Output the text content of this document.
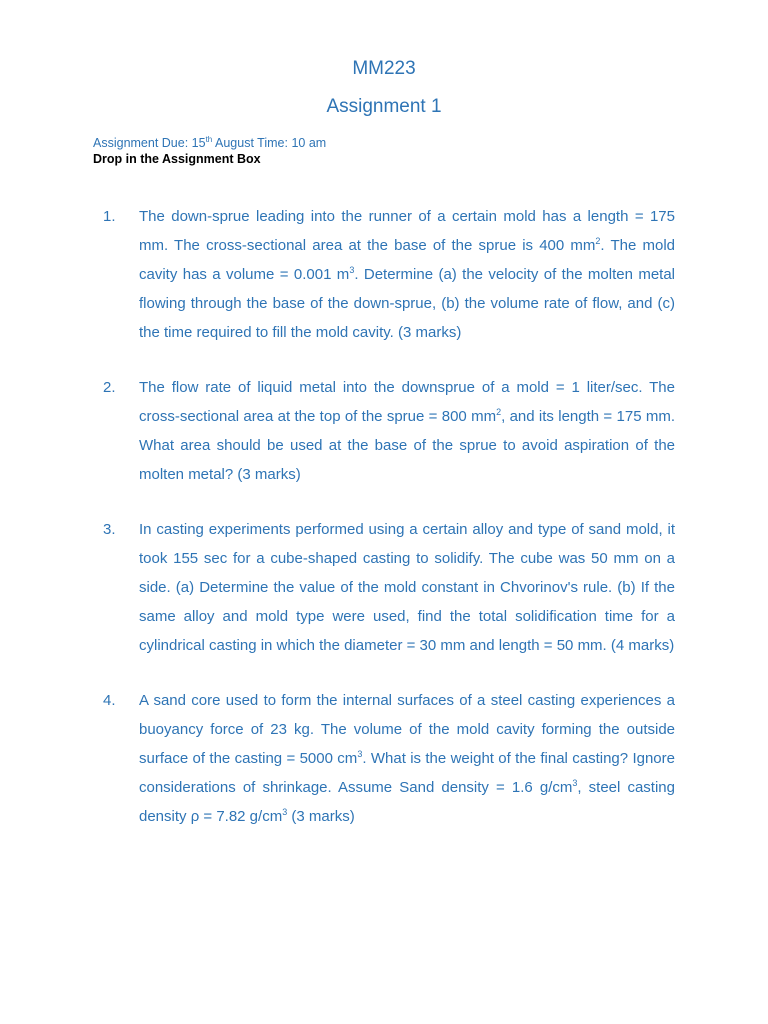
MM223
Assignment 1
Assignment Due: 15th August Time: 10 am
Drop in the Assignment Box
1. The down-sprue leading into the runner of a certain mold has a length = 175 mm. The cross-sectional area at the base of the sprue is 400 $mm^2$. The mold cavity has a volume = 0.001 $m^3$. Determine (a) the velocity of the molten metal flowing through the base of the down-sprue, (b) the volume rate of flow, and (c) the time required to fill the mold cavity. (3 marks)
2. The flow rate of liquid metal into the downsprue of a mold = 1 liter/sec. The cross-sectional area at the top of the sprue = 800 $mm^2$, and its length = 175 mm. What area should be used at the base of the sprue to avoid aspiration of the molten metal? (3 marks)
3. In casting experiments performed using a certain alloy and type of sand mold, it took 155 sec for a cube-shaped casting to solidify. The cube was 50 mm on a side. (a) Determine the value of the mold constant in Chvorinov's rule. (b) If the same alloy and mold type were used, find the total solidification time for a cylindrical casting in which the diameter = 30 mm and length = 50 mm. (4 marks)
4. A sand core used to form the internal surfaces of a steel casting experiences a buoyancy force of 23 kg. The volume of the mold cavity forming the outside surface of the casting = 5000 $cm^3$. What is the weight of the final casting? Ignore considerations of shrinkage. Assume Sand density = 1.6 $g/cm^3$, steel casting density ρ = 7.82 $g/cm^3$ (3 marks)
